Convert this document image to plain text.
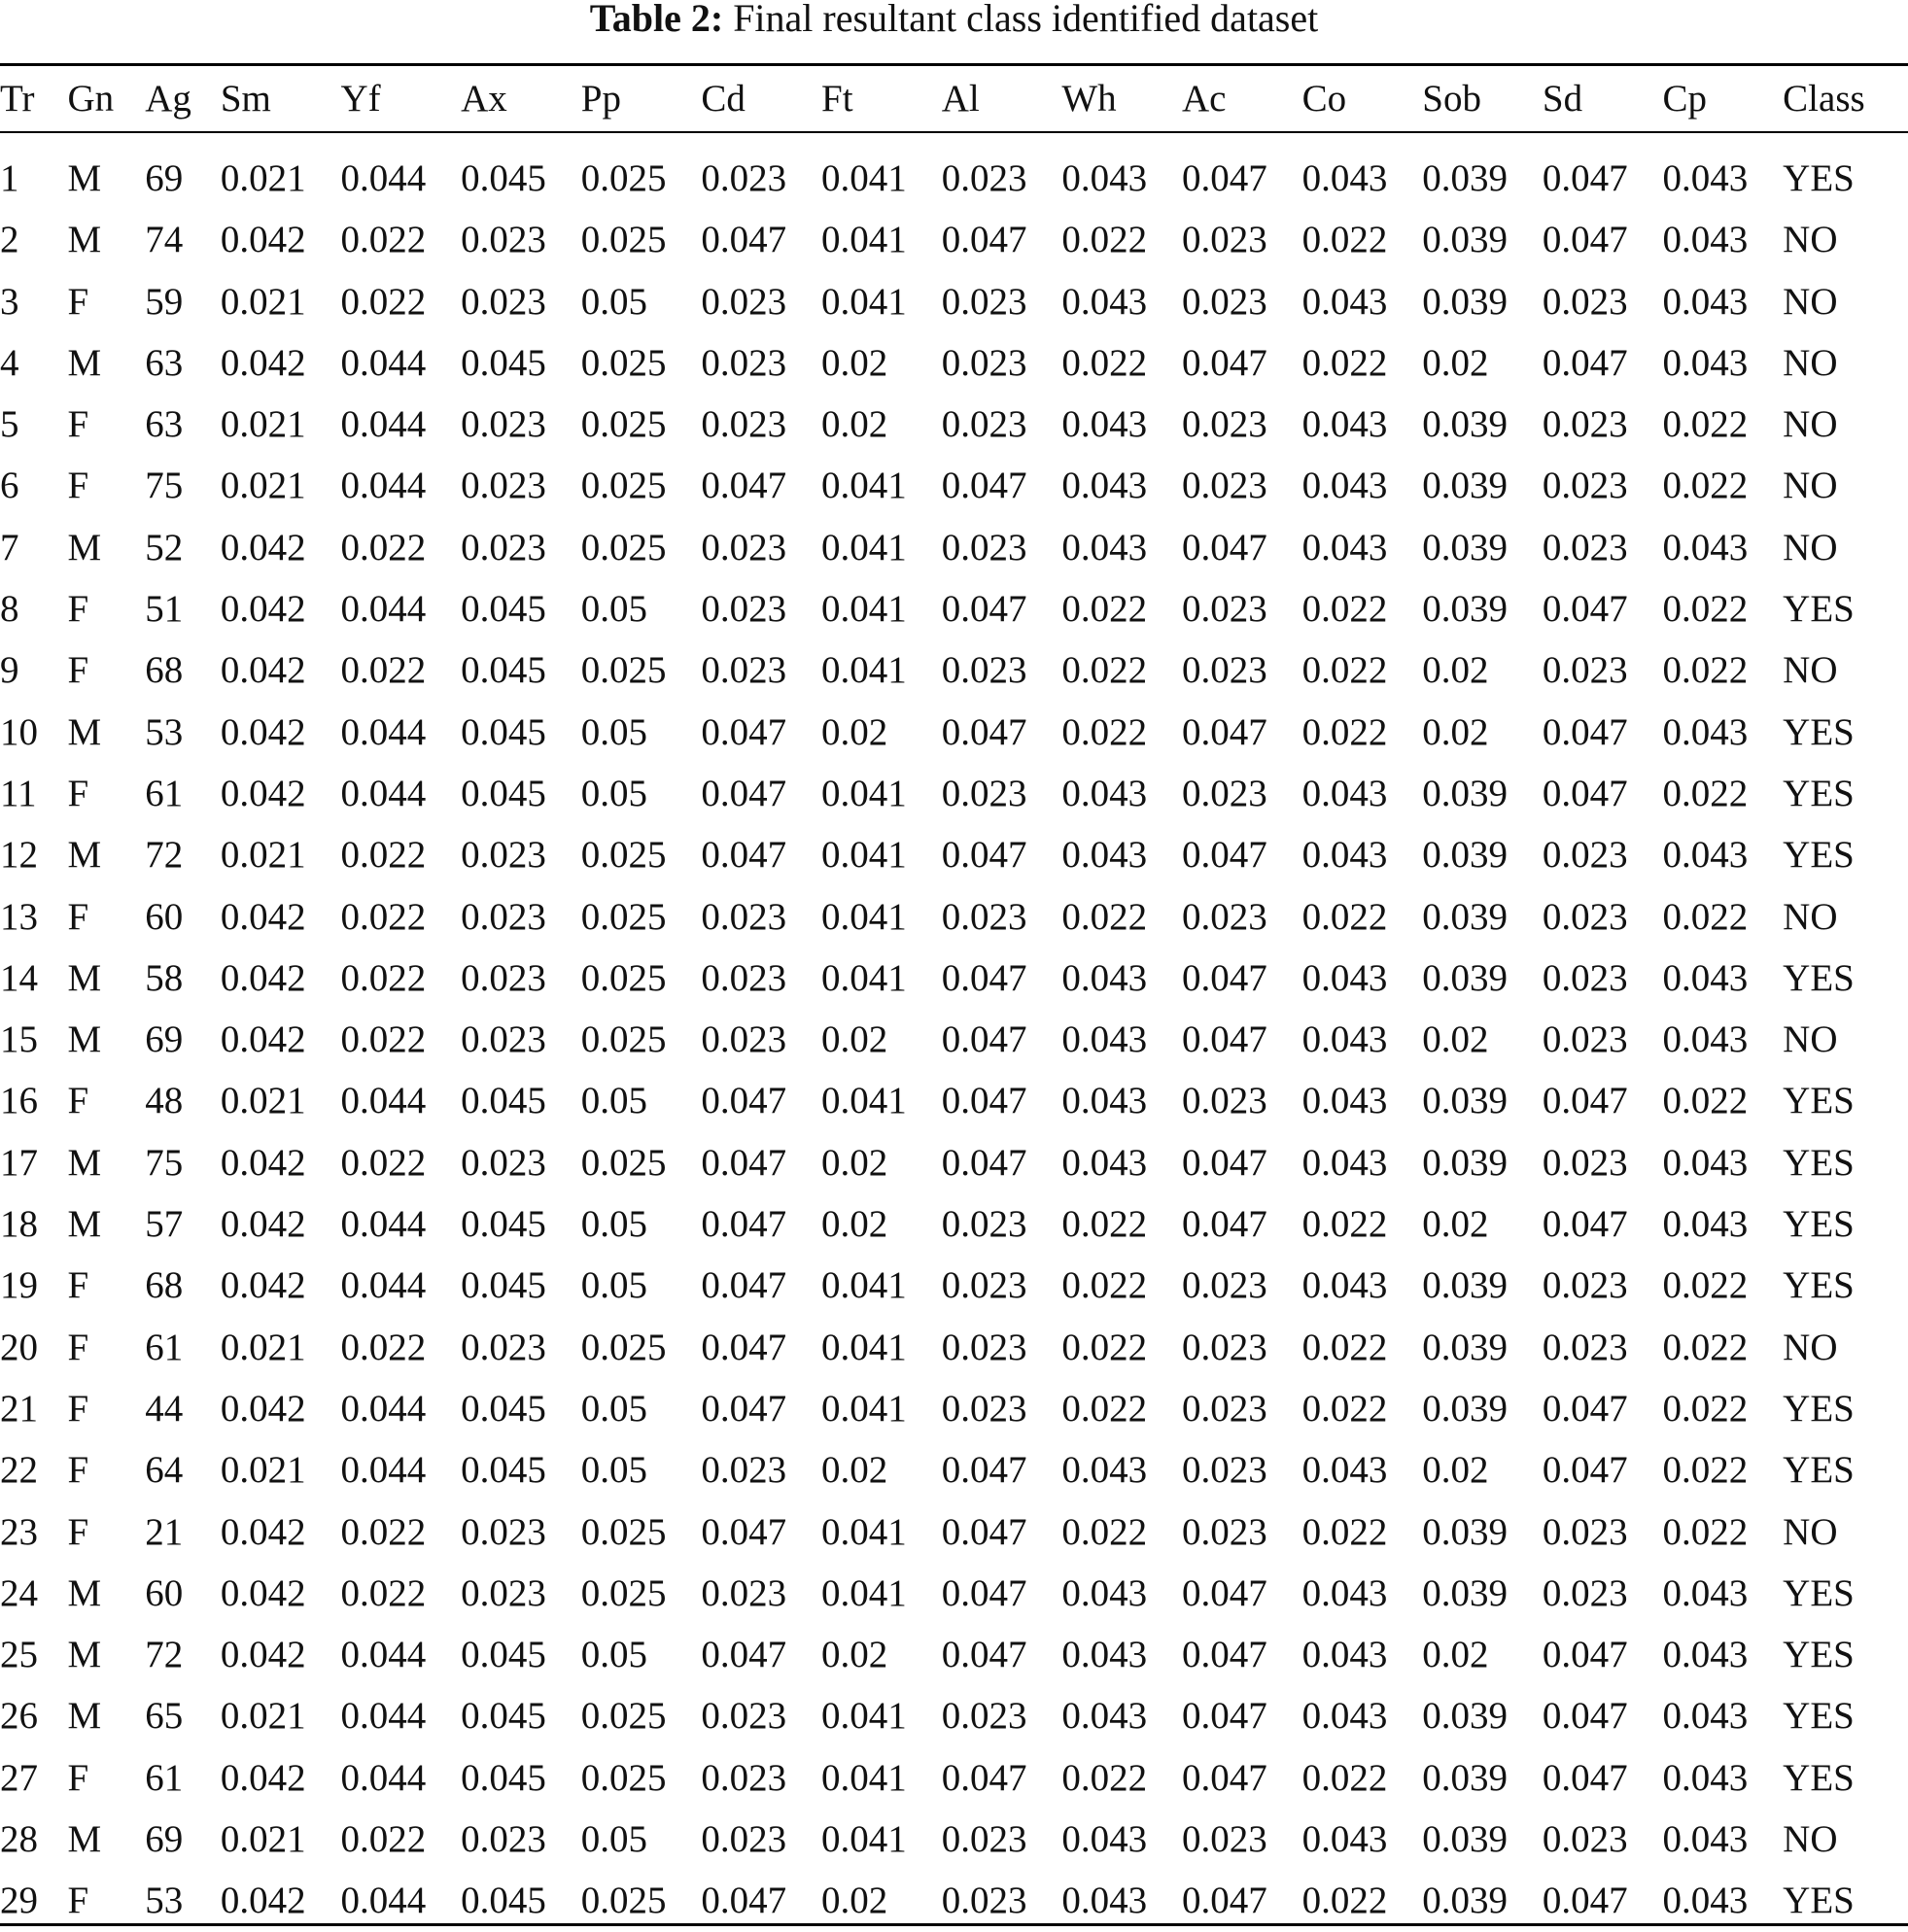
Table 2: Final resultant class identified dataset
Tr	Gn	Ag	Sm	Yf	Ax	Pp	Cd	Ft	Al	Wh	Ac	Co	Sob	Sd	Cp	Class

1	M	69	0.021	0.044	0.045	0.025	0.023	0.041	0.023	0.043	0.047	0.043	0.039	0.047	0.043	YES
2	M	74	0.042	0.022	0.023	0.025	0.047	0.041	0.047	0.022	0.023	0.022	0.039	0.047	0.043	NO
3	F	59	0.021	0.022	0.023	0.05	0.023	0.041	0.023	0.043	0.023	0.043	0.039	0.023	0.043	NO
4	M	63	0.042	0.044	0.045	0.025	0.023	0.02	0.023	0.022	0.047	0.022	0.02	0.047	0.043	NO
5	F	63	0.021	0.044	0.023	0.025	0.023	0.02	0.023	0.043	0.023	0.043	0.039	0.023	0.022	NO
6	F	75	0.021	0.044	0.023	0.025	0.047	0.041	0.047	0.043	0.023	0.043	0.039	0.023	0.022	NO
7	M	52	0.042	0.022	0.023	0.025	0.023	0.041	0.023	0.043	0.047	0.043	0.039	0.023	0.043	NO
8	F	51	0.042	0.044	0.045	0.05	0.023	0.041	0.047	0.022	0.023	0.022	0.039	0.047	0.022	YES
9	F	68	0.042	0.022	0.045	0.025	0.023	0.041	0.023	0.022	0.023	0.022	0.02	0.023	0.022	NO
10	M	53	0.042	0.044	0.045	0.05	0.047	0.02	0.047	0.022	0.047	0.022	0.02	0.047	0.043	YES
11	F	61	0.042	0.044	0.045	0.05	0.047	0.041	0.023	0.043	0.023	0.043	0.039	0.047	0.022	YES
12	M	72	0.021	0.022	0.023	0.025	0.047	0.041	0.047	0.043	0.047	0.043	0.039	0.023	0.043	YES
13	F	60	0.042	0.022	0.023	0.025	0.023	0.041	0.023	0.022	0.023	0.022	0.039	0.023	0.022	NO
14	M	58	0.042	0.022	0.023	0.025	0.023	0.041	0.047	0.043	0.047	0.043	0.039	0.023	0.043	YES
15	M	69	0.042	0.022	0.023	0.025	0.023	0.02	0.047	0.043	0.047	0.043	0.02	0.023	0.043	NO
16	F	48	0.021	0.044	0.045	0.05	0.047	0.041	0.047	0.043	0.023	0.043	0.039	0.047	0.022	YES
17	M	75	0.042	0.022	0.023	0.025	0.047	0.02	0.047	0.043	0.047	0.043	0.039	0.023	0.043	YES
18	M	57	0.042	0.044	0.045	0.05	0.047	0.02	0.023	0.022	0.047	0.022	0.02	0.047	0.043	YES
19	F	68	0.042	0.044	0.045	0.05	0.047	0.041	0.023	0.022	0.023	0.043	0.039	0.023	0.022	YES
20	F	61	0.021	0.022	0.023	0.025	0.047	0.041	0.023	0.022	0.023	0.022	0.039	0.023	0.022	NO
21	F	44	0.042	0.044	0.045	0.05	0.047	0.041	0.023	0.022	0.023	0.022	0.039	0.047	0.022	YES
22	F	64	0.021	0.044	0.045	0.05	0.023	0.02	0.047	0.043	0.023	0.043	0.02	0.047	0.022	YES
23	F	21	0.042	0.022	0.023	0.025	0.047	0.041	0.047	0.022	0.023	0.022	0.039	0.023	0.022	NO
24	M	60	0.042	0.022	0.023	0.025	0.023	0.041	0.047	0.043	0.047	0.043	0.039	0.023	0.043	YES
25	M	72	0.042	0.044	0.045	0.05	0.047	0.02	0.047	0.043	0.047	0.043	0.02	0.047	0.043	YES
26	M	65	0.021	0.044	0.045	0.025	0.023	0.041	0.023	0.043	0.047	0.043	0.039	0.047	0.043	YES
27	F	61	0.042	0.044	0.045	0.025	0.023	0.041	0.047	0.022	0.047	0.022	0.039	0.047	0.043	YES
28	M	69	0.021	0.022	0.023	0.05	0.023	0.041	0.023	0.043	0.023	0.043	0.039	0.023	0.043	NO
29	F	53	0.042	0.044	0.045	0.025	0.047	0.02	0.023	0.043	0.047	0.022	0.039	0.047	0.043	YES
